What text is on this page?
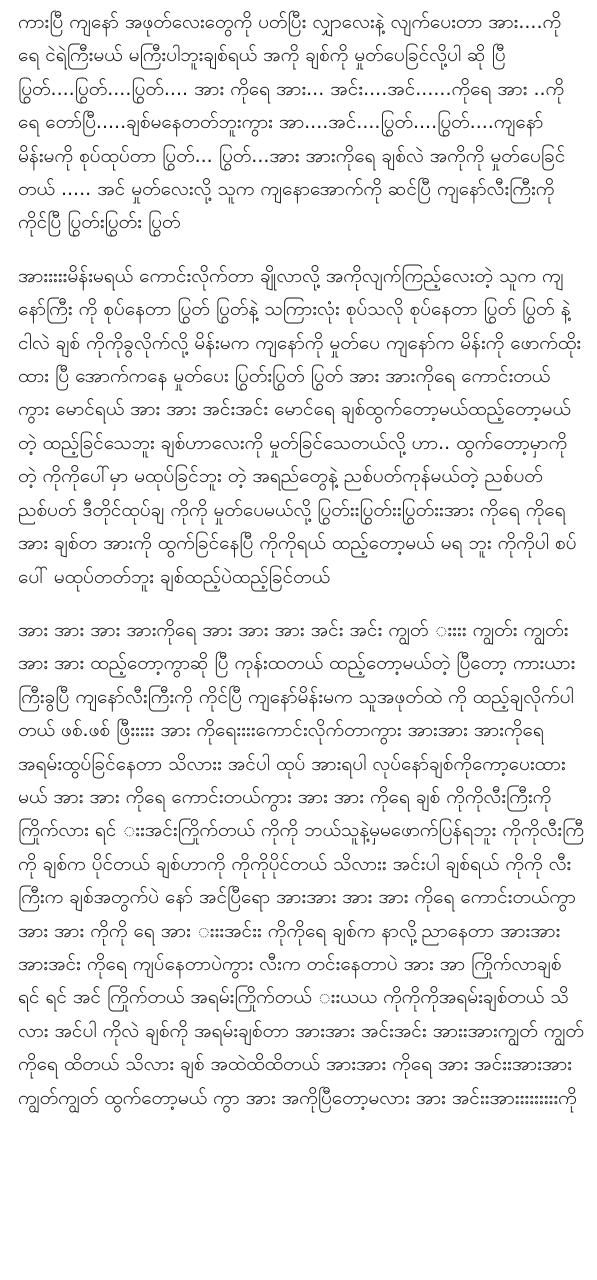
ကားပြီ ကျနော် အဖုတ်လေးတွေကို ပတ်ပြီး လျှာလေးနဲ့ လျက်ပေးတာ အား....ကို ရေ ငဲရဲကြီးမယ် မကြီးပါဘူးချစ်ရယ် အကို ချစ်ကို မှုတ်ပေခြင်လို့ပါ ဆို ပြီ ပြွတ်....ပြွတ်....ပြွတ်.... အား ကိုရေ အား... အင်း....အင်......ကိုရေ အား ..ကိုရေ တော်ပြီ.....ချစ်မနေတတ်ဘူးကွား အာ....အင်....ပြွတ်....ပြွတ်....ကျနော် မိန်းမကို စုပ်ထုပ်တာ ပြွတ်... ပြွတ်...အား အားကိုရေ ချစ်လဲ အကိုကို မှုတ်ပေခြင်တယ် ..... အင် မှုတ်လေးလို့ သူက ကျနောအောက်ကို ဆင်ပြီ ကျနော်လီးကြီးကို ကိုင်ပြီ ပြွတ်းပြွတ်း ပြွတ်

အားးးးးမိန်းမရယ် ကောင်းလိုက်တာ ချိုလာလို့ အကိုလျက်ကြည့်လေးတဲ့ သူက ကျနော်ကြီး ကို စုပ်နေတာ ပြွတ် ပြွတ်နဲ့ သကြားလုံး စုပ်သလို စုပ်နေတာ ပြွတ် ပြွတ် နဲ့ ငါလဲ ချစ် ကိုကိုခွလိုက်လို့ မိန်းမက ကျနော်ကို မှုတ်ပေ ကျနော်က မိန်းကို ဖောက်ထိုးထား ပြီ အောက်ကနေ မှုတ်ပေး ပြွတ်းပြွတ် ပြွတ် အား အားကိုရေ ကောင်းတယ် ကွား မောင်ရယ် အား အား အင်းအင်း မောင်ရေ ချစ်ထွက်တော့မယ်ထည့်တော့မယ်တဲ့ ထည့်ခြင်သေဘူး ချစ်ဟာလေးကို မှုတ်ခြင်သေတယ်လို့ ဟာ.. ထွက်တော့မှာကိုတဲ့ ကိုကိုပေါ်မှာ မထုပ်ခြင်ဘူး တဲ့ အရည်တွေနဲ့ ညစ်ပတ်ကုန်မယ်တဲ့ ညစ်ပတ် ညစ်ပတ် ဒီတိုင်ထုပ်ချ ကိုကို မှုတ်ပေမယ်လို့ ပြွတ်းးပြွတ်းးပြွတ်းးအား ကိုရေ ကိုရေ အား ချစ်တ အားကို ထွက်ခြင်နေပြီ ကိုကိုရယ် ထည့်တော့မယ် မရ ဘူး ကိုကိုပါ စပ်ပေါ် မထုပ်တတ်ဘူး ချစ်ထည့်ပဲထည့်ခြင်တယ်

အား အား အား အားကိုရေ အား အား အား အင်း အင်း ကျွတ် းးးး ကျွတ်း ကျွတ်း အား အား ထည့်တော့ကွာဆို ပြီ ကုန်းထတယ် ထည့်တော့မယ်တဲ့ ပြီတော့ ကားယားကြီးခွပြီ ကျနော်လီးကြီးကို ကိုင်ပြီ ကျနော်မိန်းမက သူအဖုတ်ထဲ ကို ထည့်ချလိုက်ပါတယ် ဖစ်.ဖစ် ဖြီးးးးး အား ကိုရေးးးးကောင်းလိုက်တာကွား အားအား အားကိုရေ အရမ်းထွပ်ခြင်နေတာ သိလားး အင်ပါ ထုပ် အားရပါ လုပ်နော်ချစ်ကိုကော့ပေးထားမယ် အား အား ကိုရေ ကောင်းတယ်ကွား အား အား ကိုရေ ချစ် ကိုကိုလီးကြီးကိုကြိုက်လား ရင် းးအင်းကြိုက်တယ် ကိုကို ဘယ်သူနဲ့မှမဖောက်ပြန်ရဘူး ကိုကိုလီးကြီကို ချစ်က ပိုင်တယ် ချစ်ဟာကို ကိုကိုပိုင်တယ် သိလားး အင်းပါ ချစ်ရယ် ကိုကို လီးကြီးက ချစ်အတွက်ပဲ နော် အင်ပြီရော အားအား အား အား ကိုရေ ကောင်းတယ်ကွာ အား အား ကိုကို ရေ အား းးးအင်းး ကိုကိုရေ ချစ်က နာလို့ညာနေတာ အားအား အားအင်း ကိုရေ ကျပ်နေတာပဲကွား လီးက တင်းနေတာပဲ အား အာ ကြိုက်လာချစ် ရင် ရင် အင် ကြိုက်တယ် အရမ်းကြိုက်တယ် းးယယ ကိုကိုကိုအရမ်းချစ်တယ် သိလား အင်ပါ ကိုလဲ ချစ်ကို အရမ်းချစ်တာ အားအား အင်းအင်း အားးအားကျွတ် ကျွတ် ကိုရေ ထိတယ် သိလား ချစ် အထဲထိထိတယ် အားအား ကိုရေ အား အင်းးအားအား ကျွတ်ကျွတ် ထွက်တော့မယ် ကွာ အား အကိုပြီတော့မလား အား အင်းးအားးးးးးးးးကို
